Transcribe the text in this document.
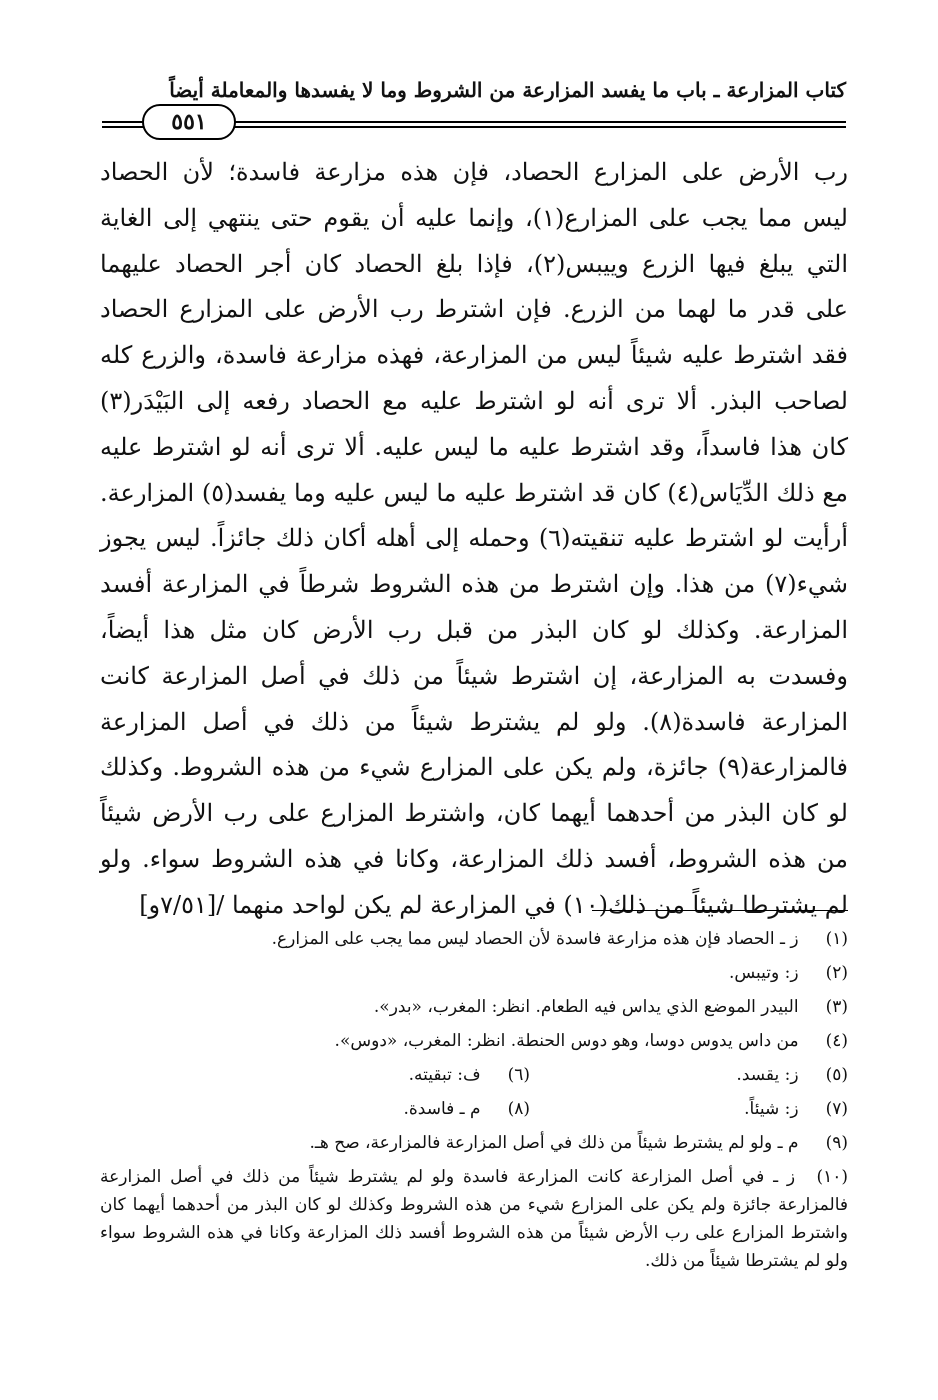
كتاب المزارعة ـ باب ما يفسد المزارعة من الشروط وما لا يفسدها والمعاملة أيضاً
٥٥١
رب الأرض على المزارع الحصاد، فإن هذه مزارعة فاسدة؛ لأن الحصاد
ليس مما يجب على المزارع(١)، وإنما عليه أن يقوم حتى ينتهي إلى الغاية
التي يبلغ فيها الزرع وييبس(٢)، فإذا بلغ الحصاد كان أجر الحصاد عليهما
على قدر ما لهما من الزرع. فإن اشترط رب الأرض على المزارع الحصاد
فقد اشترط عليه شيئاً ليس من المزارعة، فهذه مزارعة فاسدة، والزرع كله
لصاحب البذر. ألا ترى أنه لو اشترط عليه مع الحصاد رفعه إلى البَيْدَر(٣)
كان هذا فاسداً، وقد اشترط عليه ما ليس عليه. ألا ترى أنه لو اشترط عليه
مع ذلك الدِّيَاس(٤) كان قد اشترط عليه ما ليس عليه وما يفسد(٥) المزارعة.
أرأيت لو اشترط عليه تنقيته(٦) وحمله إلى أهله أكان ذلك جائزاً. ليس يجوز
شيء(٧) من هذا. وإن اشترط من هذه الشروط شرطاً في المزارعة أفسد
المزارعة. وكذلك لو كان البذر من قبل رب الأرض كان مثل هذا أيضاً،
وفسدت به المزارعة، إن اشترط شيئاً من ذلك في أصل المزارعة كانت
المزارعة فاسدة(٨). ولو لم يشترط شيئاً من ذلك في أصل المزارعة
فالمزارعة(٩) جائزة، ولم يكن على المزارع شيء من هذه الشروط. وكذلك
لو كان البذر من أحدهما أيهما كان، واشترط المزارع على رب الأرض شيئاً
من هذه الشروط، أفسد ذلك المزارعة، وكانا في هذه الشروط سواء. ولو
لم يشترطا شيئاً من ذلك(١٠) في المزارعة لم يكن لواحد منهما /[٧/٥١و]
(١) ز ـ الحصاد فإن هذه مزارعة فاسدة لأن الحصاد ليس مما يجب على المزارع.
(٢) ز: وتيبس.
(٣) البيدر الموضع الذي يداس فيه الطعام. انظر: المغرب، «بدر».
(٤) من داس يدوس دوسا، وهو دوس الحنطة. انظر: المغرب، «دوس».
(٥) ز: يقسد.
(٦) ف: تبقيته.
(٧) ز: شيئاً.
(٨) م ـ فاسدة.
(٩) م ـ ولو لم يشترط شيئاً من ذلك في أصل المزارعة فالمزارعة، صح هـ.
(١٠) ز ـ في أصل المزارعة كانت المزارعة فاسدة ولو لم يشترط شيئاً من ذلك في أصل المزارعة فالمزارعة جائزة ولم يكن على المزارع شيء من هذه الشروط وكذلك لو كان البذر من أحدهما أيهما كان واشترط المزارع على رب الأرض شيئاً من هذه الشروط أفسد ذلك المزارعة وكانا في هذه الشروط سواء ولو لم يشترطا شيئاً من ذلك.
